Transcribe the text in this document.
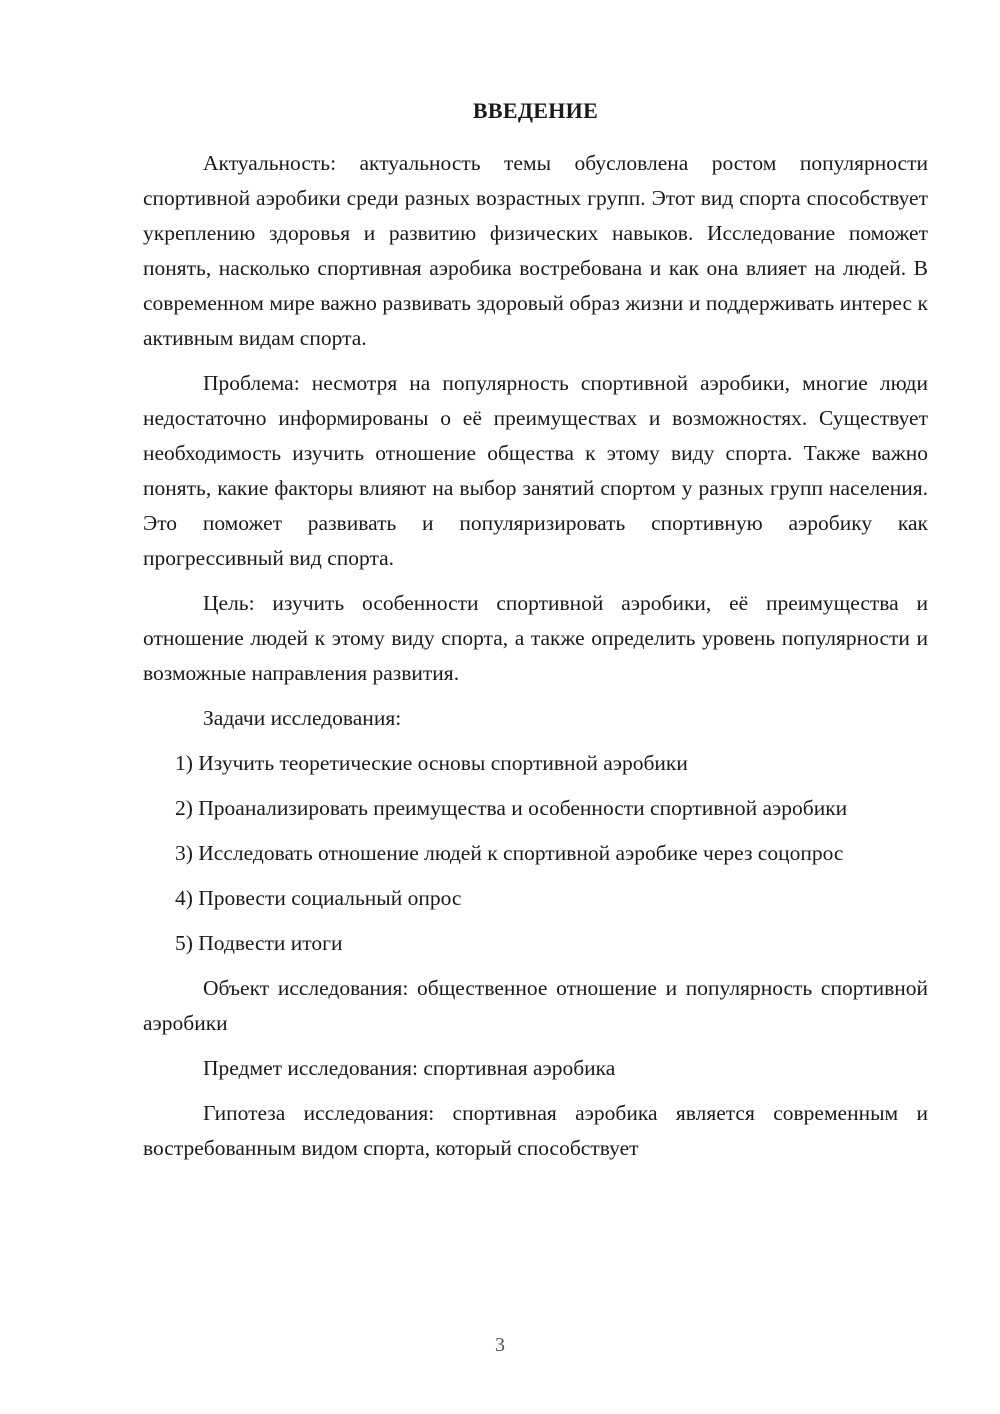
ВВЕДЕНИЕ

Актуальность: актуальность темы обусловлена ростом популярности спортивной аэробики среди разных возрастных групп. Этот вид спорта способствует укреплению здоровья и развитию физических навыков. Исследование поможет понять, насколько спортивная аэробика востребована и как она влияет на людей. В современном мире важно развивать здоровый образ жизни и поддерживать интерес к активным видам спорта.

Проблема: несмотря на популярность спортивной аэробики, многие люди недостаточно информированы о её преимуществах и возможностях. Существует необходимость изучить отношение общества к этому виду спорта. Также важно понять, какие факторы влияют на выбор занятий спортом у разных групп населения. Это поможет развивать и популяризировать спортивную аэробику как прогрессивный вид спорта.

Цель: изучить особенности спортивной аэробики, её преимущества и отношение людей к этому виду спорта, а также определить уровень популярности и возможные направления развития.

Задачи исследования:

1) Изучить теоретические основы спортивной аэробики

2) Проанализировать преимущества и особенности спортивной аэробики

3) Исследовать отношение людей к спортивной аэробике через соцопрос

4) Провести социальный опрос

5) Подвести итоги

Объект исследования: общественное отношение и популярность спортивной аэробики

Предмет исследования: спортивная аэробика

Гипотеза исследования: спортивная аэробика является современным и востребованным видом спорта, который способствует

3
